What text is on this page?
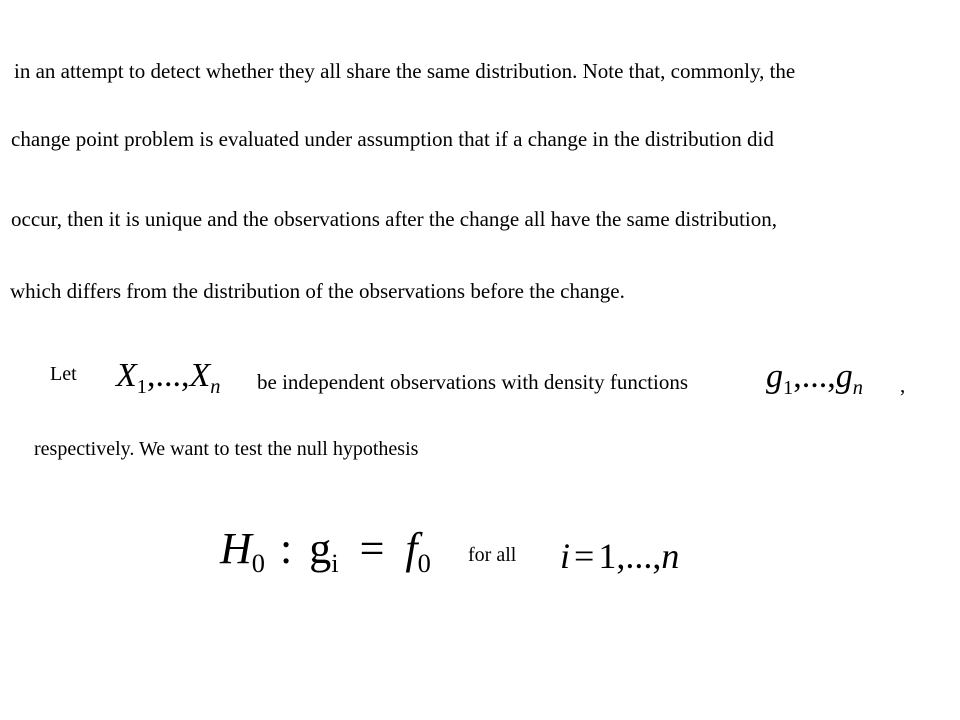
in an attempt to detect whether they all share the same distribution. Note that, commonly, the

change point problem is evaluated under assumption that if a change in the distribution did

occur, then it is unique and the observations after the change all have the same distribution,

which differs from the distribution of the observations before the change.

Let $X_1,...,X_n$ be independent observations with density functions $g_1,...,g_n$ ,

respectively. We want to test the null hypothesis

$H_0$ : $g_i = f_0$ for all i = 1,...,n
